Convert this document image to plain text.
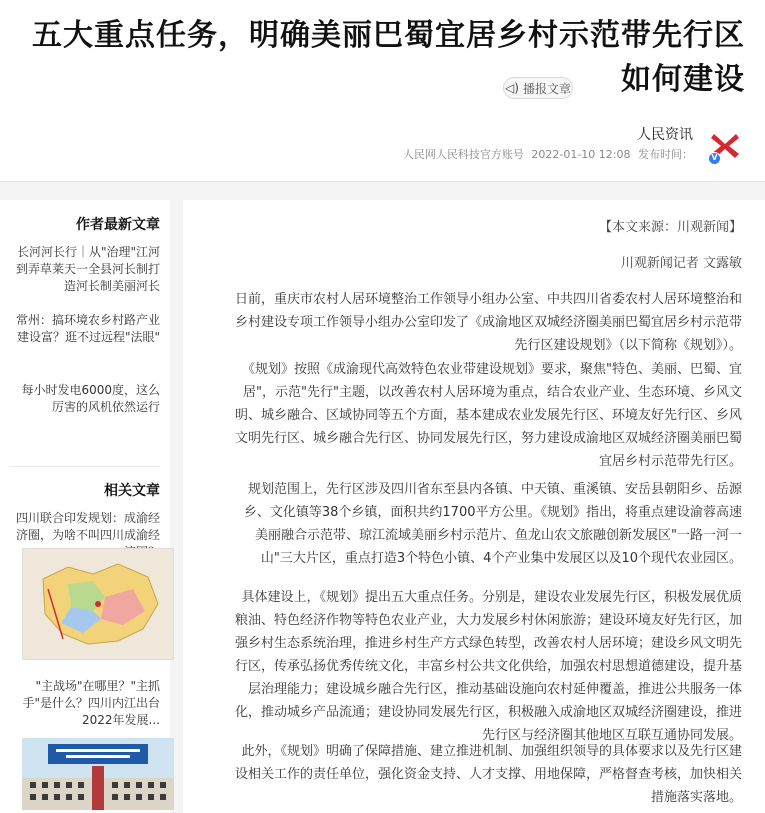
五大重点任务，明确美丽巴蜀宜居乡村示范带先行区如何建设
◁) 播报文章
V
人民资讯
人民网人民科技官方账号 2022-01-10 12:08 发布时间：
【本文来源：川观新闻】
川观新闻记者 文露敏

日前，重庆市农村人居环境整治工作领导小组办公室、中共四川省委农村人居环境整治和乡村建设专项工作领导小组办公室印发了《成渝地区双城经济圈美丽巴蜀宜居乡村示范带先行区建设规划》（以下简称《规划》）。

《规划》按照《成渝现代高效特色农业带建设规划》要求，聚焦"特色、美丽、巴蜀、宜居"，示范"先行"主题，以改善农村人居环境为重点，结合农业产业、生态环境、乡风文明、城乡融合、区域协同等五个方面，基本建成农业发展先行区、环境友好先行区、乡风文明先行区、城乡融合先行区、协同发展先行区，努力建设成渝地区双城经济圈美丽巴蜀宜居乡村示范带先行区。

规划范围上，先行区涉及四川省东至县内各镇、中天镇、重溪镇、安岳县朝阳乡、岳源乡、文化镇等38个乡镇，面积共约1700平方公里。《规划》指出，将重点建设渝蓉高速美丽融合示范带、琼江流域美丽乡村示范片、鱼龙山农文旅融创新发展区"一路一河一山"三大片区，重点打造3个特色小镇、4个产业集中发展区以及10个现代农业园区。

具体建设上，《规划》提出五大重点任务。分别是，建设农业发展先行区，积极发展优质粮油、特色经济作物等特色农业产业，大力发展乡村休闲旅游；建设环境友好先行区，加强乡村生态系统治理，推进乡村生产方式绿色转型，改善农村人居环境；建设乡风文明先行区，传承弘扬优秀传统文化，丰富乡村公共文化供给，加强农村思想道德建设，提升基层治理能力；建设城乡融合先行区，推动基础设施向农村延伸覆盖，推进公共服务一体化，推动城乡产品流通；建设协同发展先行区，积极融入成渝地区双城经济圈建设，推进先行区与经济圈其他地区互联互通协同发展。

此外，《规划》明确了保障措施、建立推进机制、加强组织领导的具体要求以及先行区建设相关工作的责任单位，强化资金支持、人才支撑、用地保障，严格督查考核，加快相关措施落实落地。

作者最新文章
长河河长行｜从"治理"江河到弄草莱天一全县河长制打造河长制美丽河长
常州：搞环境农乡村路产业建设富？逛不过远程"法眼"
每小时发电6000度，这么厉害的风机依然运行
相关文章
四川联合印发规划：成渝经济圈，为啥不叫四川成渝经
"主战场"在哪里？"主抓手"是什么？四川内江出台2022年发展...
